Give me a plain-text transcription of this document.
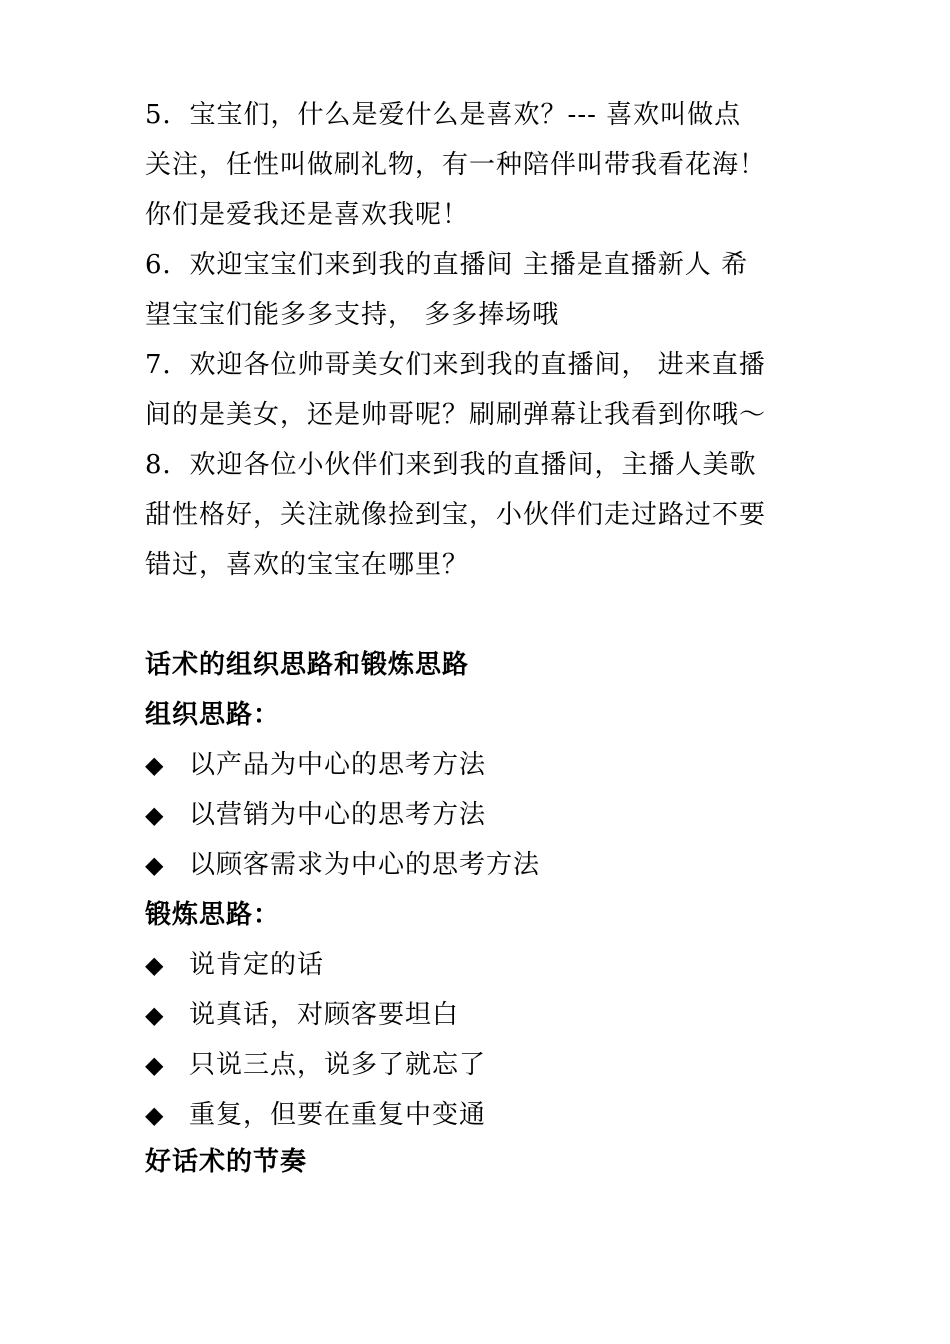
5．宝宝们，什么是爱什么是喜欢？--- 喜欢叫做点
关注，任性叫做刷礼物，有一种陪伴叫带我看花海！
你们是爱我还是喜欢我呢！
6．欢迎宝宝们来到我的直播间 主播是直播新人 希
望宝宝们能多多支持， 多多捧场哦
7．欢迎各位帅哥美女们来到我的直播间， 进来直播
间的是美女，还是帅哥呢？刷刷弹幕让我看到你哦～
8．欢迎各位小伙伴们来到我的直播间，主播人美歌
甜性格好，关注就像捡到宝，小伙伴们走过路过不要
错过，喜欢的宝宝在哪里？
话术的组织思路和锻炼思路
组织思路：
◆ 以产品为中心的思考方法
◆ 以营销为中心的思考方法
◆ 以顾客需求为中心的思考方法
锻炼思路：
◆ 说肯定的话
◆ 说真话，对顾客要坦白
◆ 只说三点，说多了就忘了
◆ 重复，但要在重复中变通
好话术的节奏
